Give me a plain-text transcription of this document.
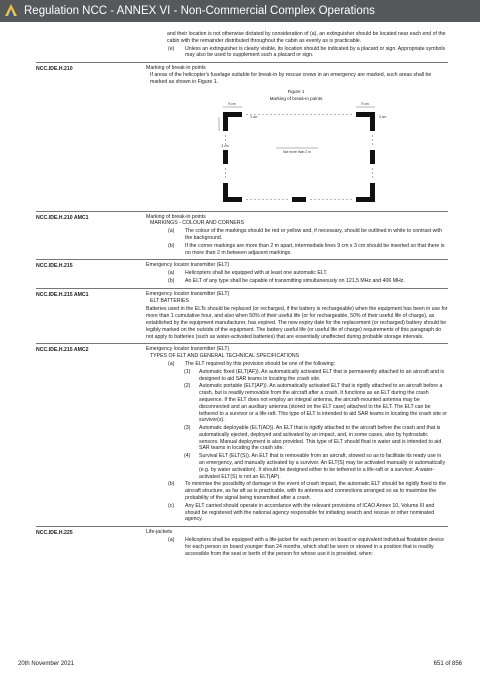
Regulation NCC - ANNEX VI - Non-Commercial Complex Operations

and their location is not otherwise dictated by consideration of (a), an extinguisher should be located near each end of the cabin with the remainder distributed throughout the cabin as evenly as is practicable.

(e)	Unless an extinguisher is clearly visible, its location should be indicated by a placard or sign. Appropriate symbols may also be used to supplement such a placard or sign.
NCC.IDE.H.210	Marking of break-in points

If areas of the helicopter's fuselage suitable for break-in by rescue crews in an emergency are marked, such areas shall be marked as shown in Figure 1.

Figure 1
Marking of break-in points
9 cm	9 cm
3 cm	3 cm
3 cm
Not more than 2 m
NCC.IDE.H.210 AMC1	Marking of break-in points

MARKINGS - COLOUR AND CORNERS

(a)	The colour of the markings should be red or yellow and, if necessary, should be outlined in white to contrast with the background.
(b)	If the corner markings are more than 2 m apart, intermediate lines 9 cm x 3 cm should be inserted so that there is no more than 2 m between adjacent markings.
NCC.IDE.H.215	Emergency locator transmitter (ELT)

(a)	Helicopters shall be equipped with at least one automatic ELT.
(b)	An ELT of any type shall be capable of transmitting simultaneously on 121,5 MHz and 406 MHz.
NCC.IDE.H.215 AMC1	Emergency locator transmitter (ELT)

ELT BATTERIES

Batteries used in the ELTs should be replaced (or recharged, if the battery is rechargeable) when the equipment has been in use for more than 1 cumulative hour, and also when 50% of their useful life (or for rechargeable, 50% of their useful life of charge), as established by the equipment manufacturer, has expired. The new expiry date for the replacement (or recharged) battery should be legibly marked on the outside of the equipment. The battery useful life (or useful life of charge) requirements of this paragraph do not apply to batteries (such as water-activated batteries) that are essentially unaffected during probable storage intervals.

NCC.IDE.H.215 AMC2	Emergency locator transmitter (ELT)

TYPES OF ELT AND GENERAL TECHNICAL SPECIFICATIONS

(a)	The ELT required by this provision should be one of the following:
(1)	Automatic fixed (ELT(AF)). An automatically activated ELT that is permanently attached to an aircraft and is designed to aid SAR teams in locating the crash site.
(2)	Automatic portable (ELT(AP)). An automatically activated ELT that is rigidly attached to an aircraft before a crash, but is readily removable from the aircraft after a crash. It functions as an ELT during the crash sequence. If the ELT does not employ an integral antenna, the aircraft-mounted antenna may be disconnected and an auxiliary antenna (stored on the ELT case) attached to the ELT. The ELT can be tethered to a survivor or a life-raft. This type of ELT is intended to aid SAR teams in locating the crash site or survivor(s).
(3)	Automatic deployable (ELT(AD)). An ELT that is rigidly attached to the aircraft before the crash and that is automatically ejected, deployed and activated by an impact, and, in some cases, also by hydrostatic sensors. Manual deployment is also provided. This type of ELT should float in water and is intended to aid SAR teams in locating the crash site.
(4)	Survival ELT (ELT(S)). An ELT that is removable from an aircraft, stowed so as to facilitate its ready use in an emergency, and manually activated by a survivor. An ELT(S) may be activated manually or automatically (e.g. by water activation). It should be designed either to be tethered to a life-raft or a survivor. A water-activated ELT(S) is not an ELT(AP).
(b)	To minimise the possibility of damage in the event of crash impact, the automatic ELT should be rigidly fixed to the aircraft structure, as far aft as is practicable, with its antenna and connections arranged so as to maximise the probability of the signal being transmitted after a crash.
(c)	Any ELT carried should operate in accordance with the relevant provisions of ICAO Annex 10, Volume III and should be registered with the national agency responsible for initiating search and rescue or other nominated agency.
NCC.IDE.H.225	Life-jackets

(a)	Helicopters shall be equipped with a life-jacket for each person on board or equivalent individual floatation device for each person on board younger than 24 months, which shall be worn or stowed in a position that is readily accessible from the seat or berth of the person for whose use it is provided, when:
20th November 2021	651 of 856
